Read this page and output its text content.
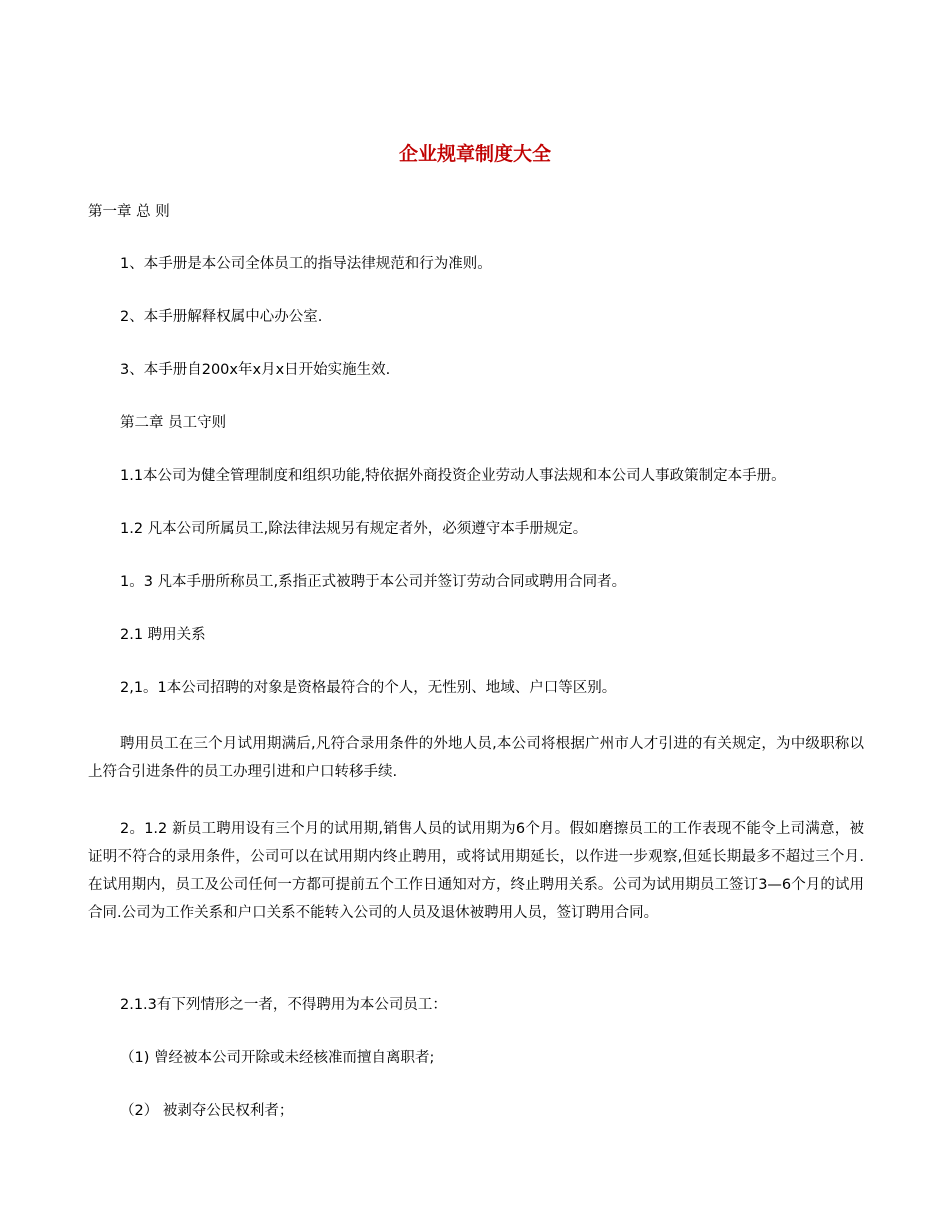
企业规章制度大全
第一章 总 则
1、本手册是本公司全体员工的指导法律规范和行为准则。
2、本手册解释权属中心办公室.
3、本手册自200x年x月x日开始实施生效.
第二章 员工守则
1.1本公司为健全管理制度和组织功能,特依据外商投资企业劳动人事法规和本公司人事政策制定本手册。
1.2 凡本公司所属员工,除法律法规另有规定者外，必须遵守本手册规定。
1。3 凡本手册所称员工,系指正式被聘于本公司并签订劳动合同或聘用合同者。
2.1 聘用关系
2,1。1本公司招聘的对象是资格最符合的个人，无性别、地域、户口等区别。
聘用员工在三个月试用期满后,凡符合录用条件的外地人员,本公司将根据广州市人才引进的有关规定，为中级职称以上符合引进条件的员工办理引进和户口转移手续.
2。1.2 新员工聘用设有三个月的试用期,销售人员的试用期为6个月。假如磨擦员工的工作表现不能令上司满意，被证明不符合的录用条件，公司可以在试用期内终止聘用，或将试用期延长，以作进一步观察,但延长期最多不超过三个月.在试用期内，员工及公司任何一方都可提前五个工作日通知对方，终止聘用关系。公司为试用期员工签订3—6个月的试用合同.公司为工作关系和户口关系不能转入公司的人员及退休被聘用人员，签订聘用合同。
2.1.3有下列情形之一者，不得聘用为本公司员工：
（1) 曾经被本公司开除或未经核准而擅自离职者;
（2） 被剥夺公民权利者；
